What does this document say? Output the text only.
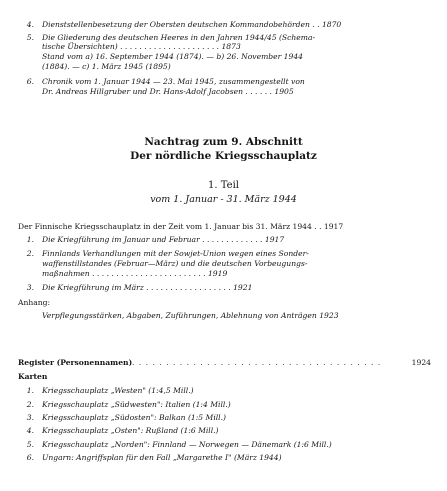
4. Dienststellenbesetzung der Obersten deutschen Kommandobehörden . . 1870
5. Die Gliederung des deutschen Heeres in den Jahren 1944/45 (Schema-
tische Übersichten) . . . . . . . . . . . . . . . . . . . . . 1873
Stand vom a) 16. September 1944 (1874). — b) 26. November 1944
(1884). — c) 1. März 1945 (1895)
6. Chronik vom 1. Januar 1944 — 23. Mai 1945, zusammengestellt von
Dr. Andreas Hillgruber und Dr. Hans-Adolf Jacobsen . . . . . . 1905
Nachtrag zum 9. Abschnitt
Der nördliche Kriegsschauplatz
1. Teil
vom 1. Januar - 31. März 1944
Der Finnische Kriegsschauplatz in der Zeit vom 1. Januar bis 31. März 1944 . . 1917
1. Die Kriegführung im Januar und Februar . . . . . . . . . . . . . 1917
2. Finnlands Verhandlungen mit der Sowjet-Union wegen eines Sonder-
waffenstillstandes (Februar—März) und die deutschen Vorbeugungs-
maßnahmen . . . . . . . . . . . . . . . . . . . . . . . . 1919
3. Die Kriegführung im März . . . . . . . . . . . . . . . . . . 1921
Anhang:
Verpflegungsstärken, Abgaben, Zuführungen, Ablehnung von Anträgen 1923
Register (Personennamen) . . . . . . . . . . . . . . . . . . . . . . . . . . . . . . . . . . . . .	1924
Karten
1. Kriegsschauplatz „Westen" (1:4,5 Mill.)
2. Kriegsschauplatz „Südwesten": Italien (1:4 Mill.)
3. Kriegsschauplatz „Südosten": Balkan (1:5 Mill.)
4. Kriegsschauplatz „Osten": Rußland (1:6 Mill.)
5. Kriegsschauplatz „Norden": Finnland — Norwegen — Dänemark (1:6 Mill.)
6. Ungarn: Angriffsplan für den Fall „Margarethe I" (März 1944)
